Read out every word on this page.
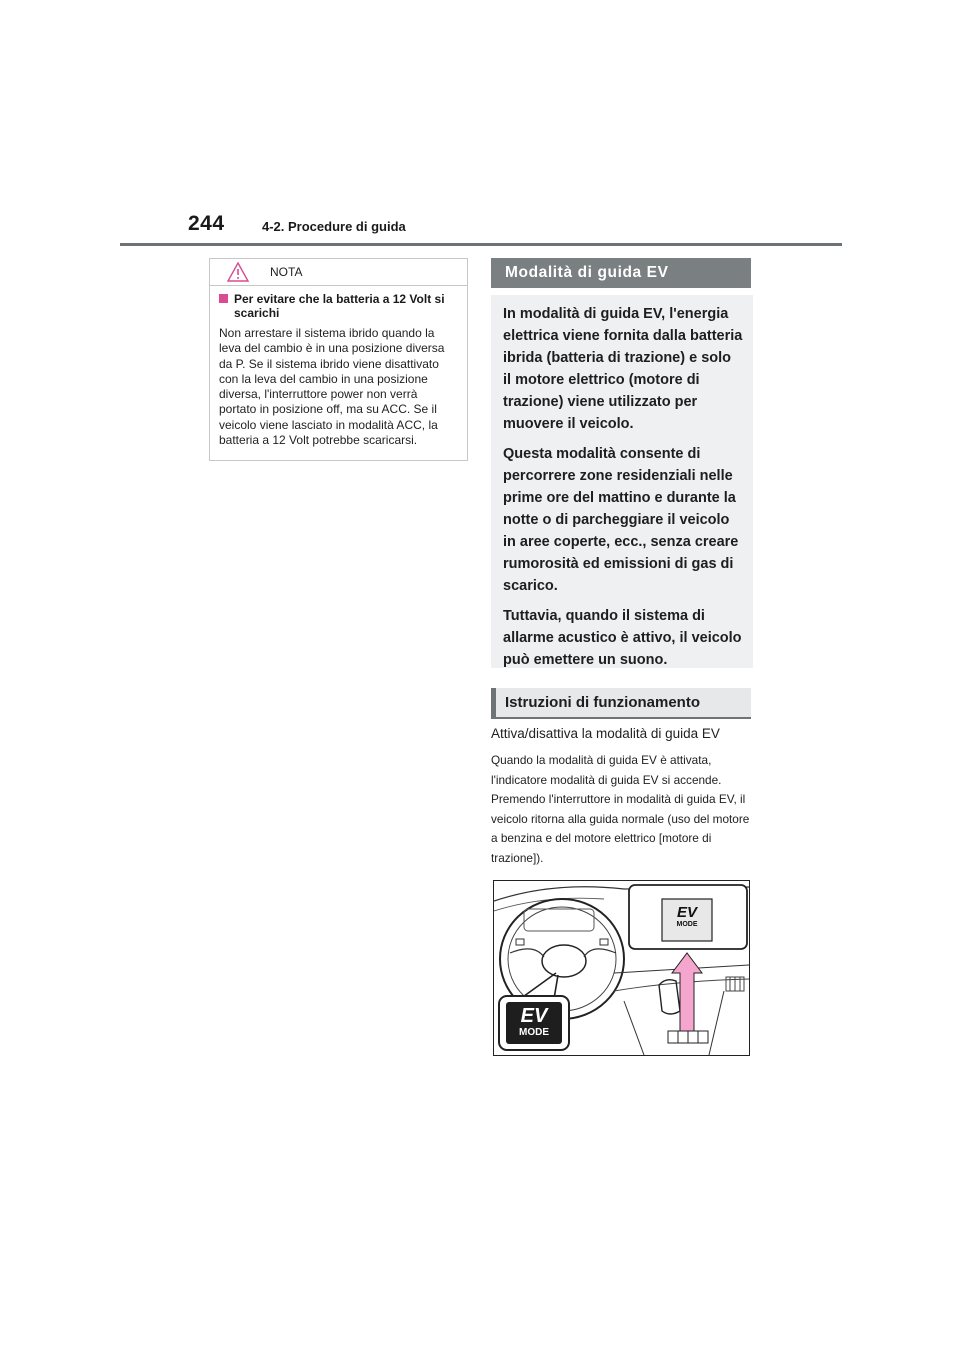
244	4-2. Procedure di guida
NOTA
Per evitare che la batteria a 12 Volt si scarichi
Non arrestare il sistema ibrido quando la leva del cambio è in una posizione diversa da P. Se il sistema ibrido viene disattivato con la leva del cambio in una posizione diversa, l'interruttore power non verrà portato in posizione off, ma su ACC. Se il veicolo viene lasciato in modalità ACC, la batteria a 12 Volt potrebbe scaricarsi.
Modalità di guida EV

In modalità di guida EV, l'energia elettrica viene fornita dalla batteria ibrida (batteria di trazione) e solo il motore elettrico (motore di trazione) viene utilizzato per muovere il veicolo.

Questa modalità consente di percorrere zone residenziali nelle prime ore del mattino e durante la notte o di parcheggiare il veicolo in aree coperte, ecc., senza creare rumorosità ed emissioni di gas di scarico.

Tuttavia, quando il sistema di allarme acustico è attivo, il veicolo può emettere un suono.

Istruzioni di funzionamento
Attiva/disattiva la modalità di guida EV
Quando la modalità di guida EV è attivata, l'indicatore modalità di guida EV si accende. Premendo l'interruttore in modalità di guida EV, il veicolo ritorna alla guida normale (uso del motore a benzina e del motore elettrico [motore di trazione]).
EV
MODE
EV
MODE
